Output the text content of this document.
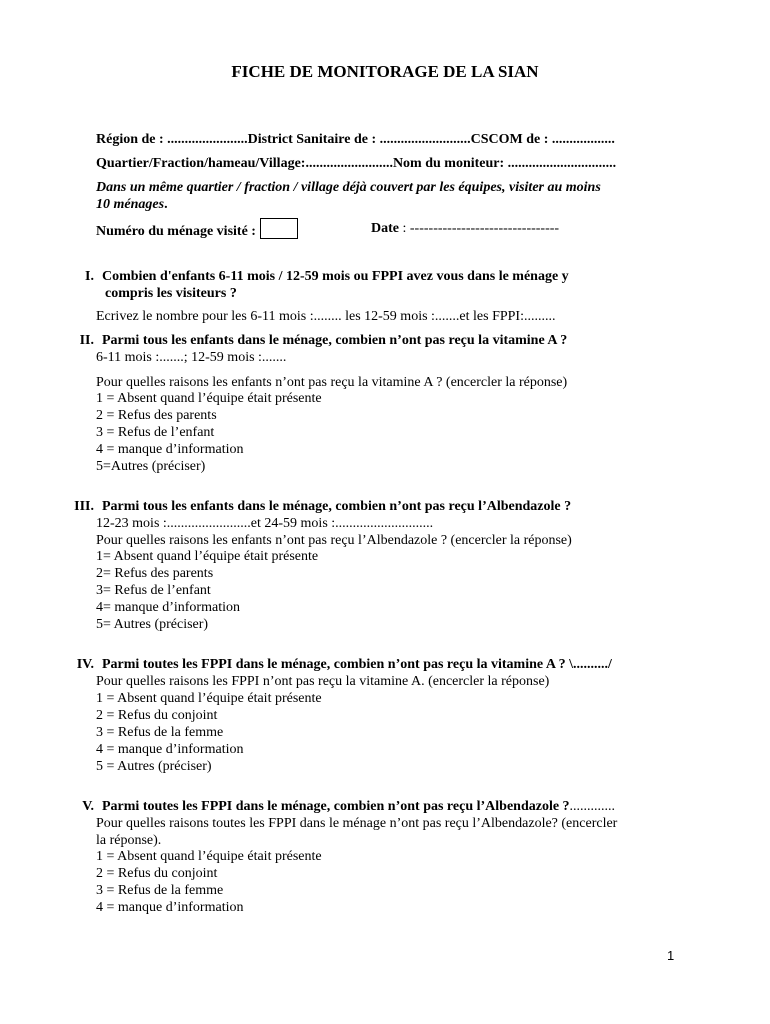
FICHE DE MONITORAGE DE LA SIAN
Région de : .......................District Sanitaire de : ..........................CSCOM de : ..................
Quartier/Fraction/hameau/Village:.........................Nom du moniteur: ...............................
Dans un même quartier / fraction / village déjà couvert par les équipes, visiter au moins
10 ménages.
Numéro du ménage visité :	Date : --------------------------------
I. Combien d'enfants 6-11 mois / 12-59 mois ou FPPI avez vous dans le ménage y
compris les visiteurs ?
Ecrivez le nombre pour les 6-11 mois :........ les 12-59 mois :.......et les FPPI:.........
II. Parmi tous les enfants dans le ménage, combien n’ont pas reçu la vitamine A ?
6-11 mois :.......; 12-59 mois :.......
Pour quelles raisons les enfants n’ont pas reçu la vitamine A ? (encercler la réponse)
1 = Absent quand l’équipe était présente
2 = Refus des parents
3 = Refus de l’enfant
4 = manque d’information
5=Autres (préciser)
III. Parmi tous les enfants dans le ménage, combien n’ont pas reçu l’Albendazole ?
12-23 mois :........................et 24-59 mois :............................
Pour quelles raisons les enfants n’ont pas reçu l’Albendazole ? (encercler la réponse)
1= Absent quand l’équipe était présente
2= Refus des parents
3= Refus de l’enfant
4= manque d’information
5= Autres (préciser)
IV. Parmi toutes les FPPI dans le ménage, combien n’ont pas reçu la vitamine A ? \........../
Pour quelles raisons les FPPI n’ont pas reçu la vitamine A. (encercler la réponse)
1 = Absent quand l’équipe était présente
2 = Refus du conjoint
3 = Refus de la femme
4 = manque d’information
5 = Autres (préciser)
V. Parmi toutes les FPPI dans le ménage, combien n’ont pas reçu l’Albendazole ?.............
Pour quelles raisons toutes les FPPI dans le ménage n’ont pas reçu l’Albendazole? (encercler
la réponse).
1 = Absent quand l’équipe était présente
2 = Refus du conjoint
3 = Refus de la femme
4 = manque d’information
1
